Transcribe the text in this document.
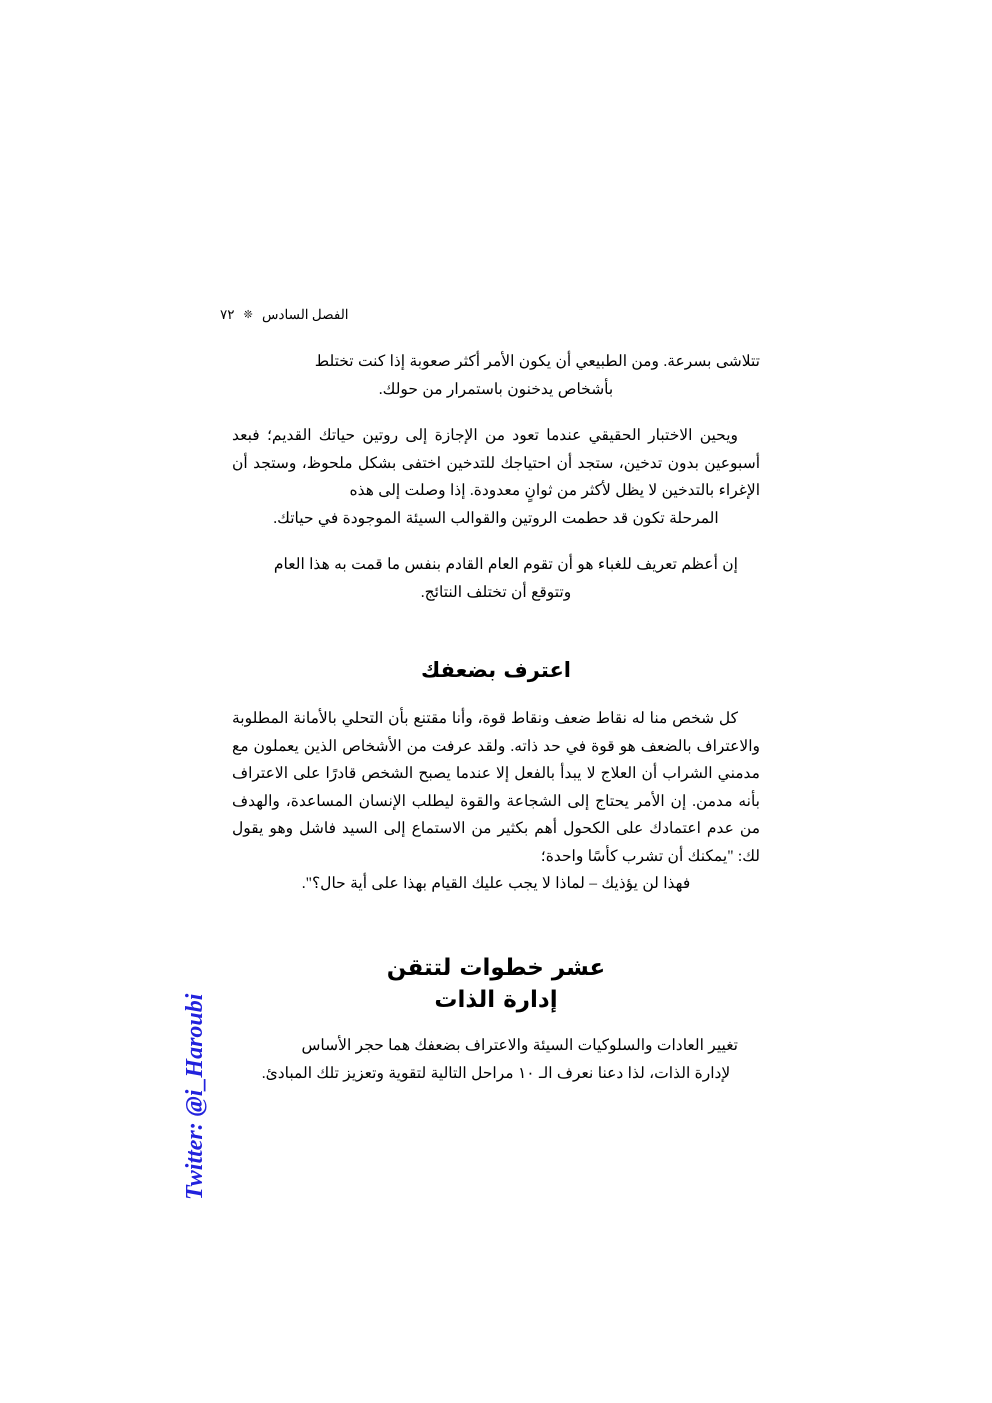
الفصل السادس❊٧٢

تتلاشى بسرعة. ومن الطبيعي أن يكون الأمر أكثر صعوبة إذا كنت تختلط
بأشخاص يدخنون باستمرار من حولك.

ويحين الاختبار الحقيقي عندما تعود من الإجازة إلى روتين حياتك القديم؛ فبعد أسبوعين بدون تدخين، ستجد أن احتياجك للتدخين اختفى بشكل ملحوظ، وستجد أن الإغراء بالتدخين لا يظل لأكثر من ثوانٍ معدودة. إذا وصلت إلى هذه
المرحلة تكون قد حطمت الروتين والقوالب السيئة الموجودة في حياتك.

إن أعظم تعريف للغباء هو أن تقوم العام القادم بنفس ما قمت به هذا العام
وتتوقع أن تختلف النتائج.

اعترف بضعفك

كل شخص منا له نقاط ضعف ونقاط قوة، وأنا مقتنع بأن التحلي بالأمانة المطلوبة والاعتراف بالضعف هو قوة في حد ذاته. ولقد عرفت من الأشخاص الذين يعملون مع مدمني الشراب أن العلاج لا يبدأ بالفعل إلا عندما يصبح الشخص قادرًا على الاعتراف بأنه مدمن. إن الأمر يحتاج إلى الشجاعة والقوة ليطلب الإنسان المساعدة، والهدف من عدم اعتمادك على الكحول أهم بكثير من الاستماع إلى السيد فاشل وهو يقول لك: "يمكنك أن تشرب كأسًا واحدة؛
فهذا لن يؤذيك – لماذا لا يجب عليك القيام بهذا على أية حال؟".

عشر خطوات لتتقن
إدارة الذات

تغيير العادات والسلوكيات السيئة والاعتراف بضعفك هما حجر الأساس
لإدارة الذات، لذا دعنا نعرف الـ ١٠ مراحل التالية لتقوية وتعزيز تلك المبادئ.

Twitter: @i_Haroubi
